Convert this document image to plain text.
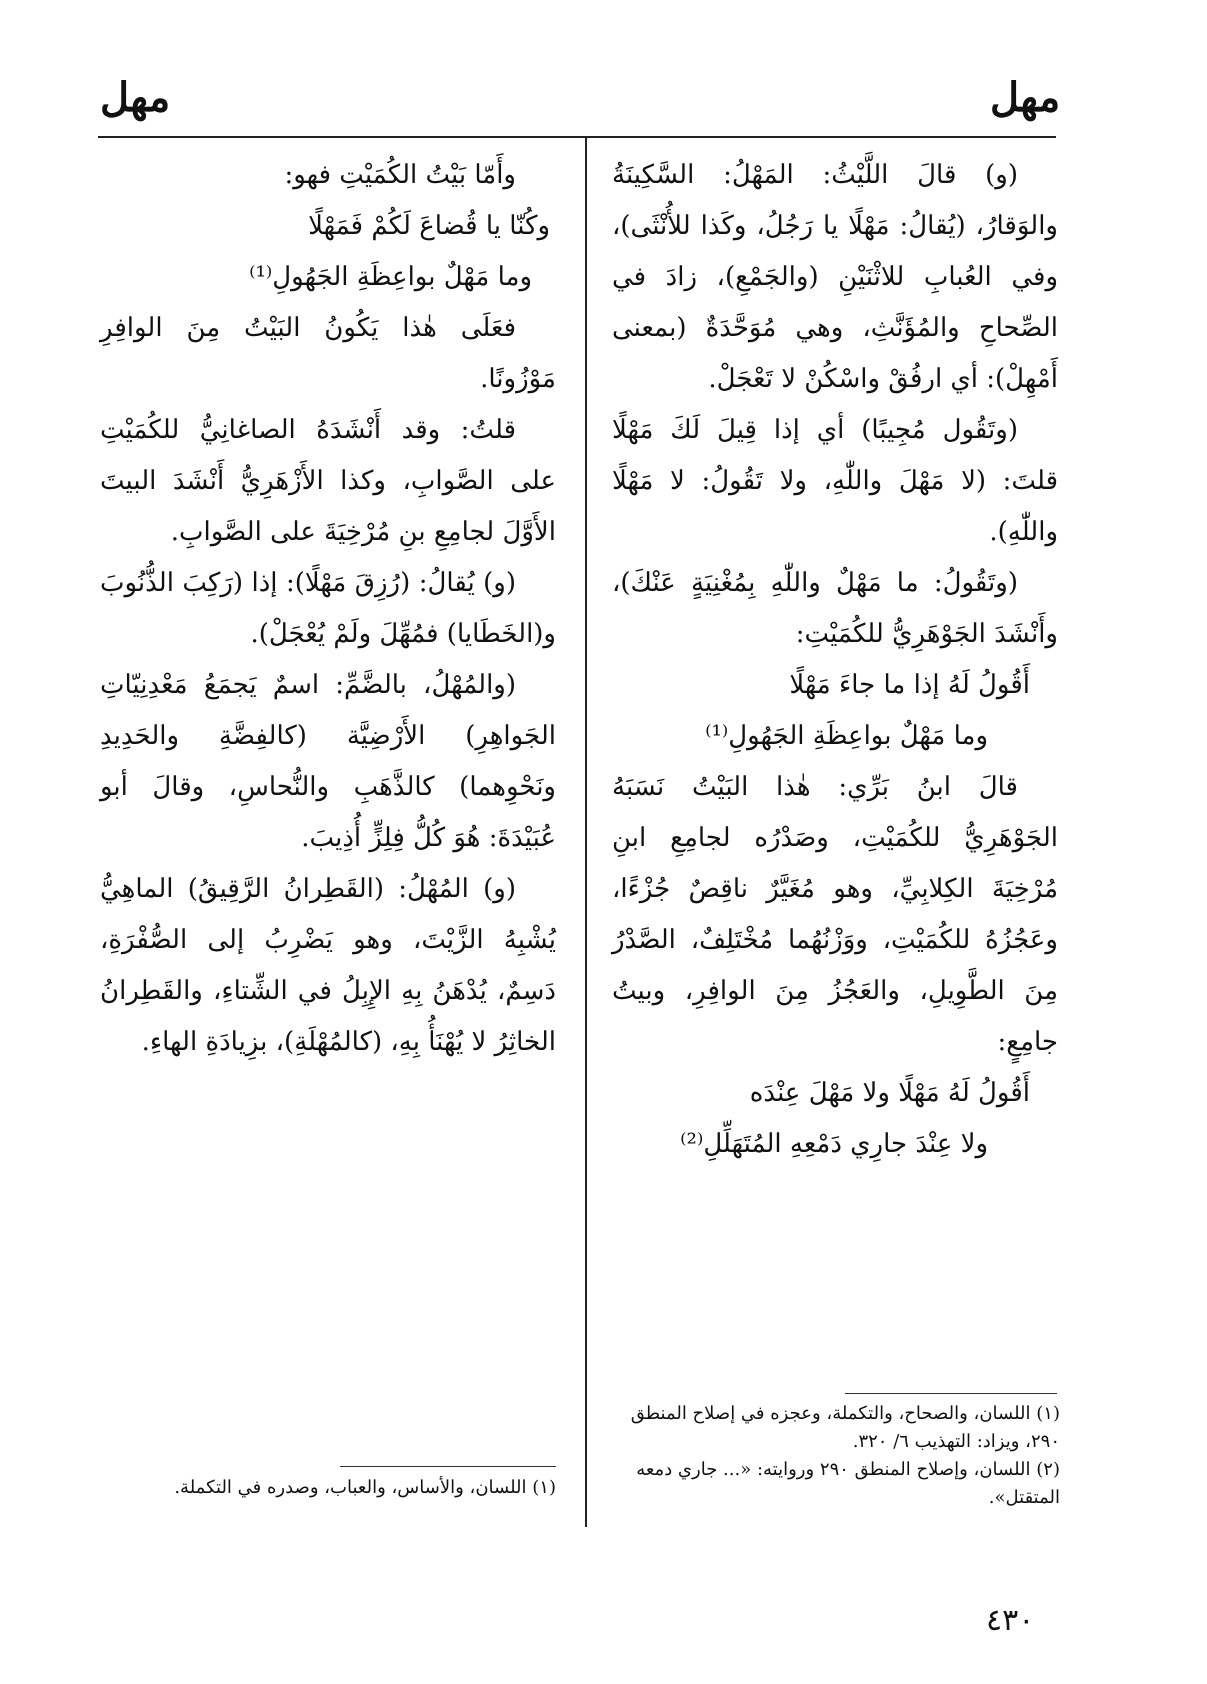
مهل
مهل

(و) قالَ اللَّيْثُ: المَهْلُ: السَّكِينَةُ والوَقارُ، (يُقالُ: مَهْلًا يا رَجُلُ، وكَذا للأُنْثَى)، وفي العُبابِ للاثْنَيْنِ (والجَمْعِ)، زادَ في الصِّحاحِ والمُؤَنَّثِ، وهي مُوَحَّدَةٌ (بمعنى أَمْهِلْ): أي ارفُقْ واسْكُنْ لا تَعْجَلْ.

(وتَقُول مُجِيبًا) أي إذا قِيلَ لَكَ مَهْلًا قلتَ: (لا مَهْلَ واللّٰهِ، ولا تَقُولُ: لا مَهْلًا واللّٰهِ).

(وتَقُولُ: ما مَهْلٌ واللّٰهِ بِمُغْنِيَةٍ عَنْكَ)، وأَنْشَدَ الجَوْهَرِيُّ للكُمَيْتِ:

أَقُولُ لَهُ إذا ما جاءَ مَهْلًا

وما مَهْلٌ بواعِظَةِ الجَهُولِ⁽¹⁾

قالَ ابنُ بَرِّي: هٰذا البَيْتُ نَسَبَهُ الجَوْهَرِيُّ للكُمَيْتِ، وصَدْرُه لجامِعِ ابنِ مُرْخِيَةَ الكِلابِيِّ، وهو مُغَيَّرٌ ناقِصٌ جُزْءًا، وعَجُزُهُ للكُمَيْتِ، ووَزْنُهُما مُخْتَلِفٌ، الصَّدْرُ مِنَ الطَّوِيلِ، والعَجُزُ مِنَ الوافِرِ، وبيتُ جامِعٍ:

أَقُولُ لَهُ مَهْلًا ولا مَهْلَ عِنْدَه

ولا عِنْدَ جارِي دَمْعِهِ المُتَهَلِّلِ⁽²⁾

وأَمّا بَيْتُ الكُمَيْتِ فهو:

وكُنّا يا قُضاعَ لَكُمْ فَمَهْلًا

وما مَهْلٌ بواعِظَةِ الجَهُولِ⁽¹⁾

فعَلَى هٰذا يَكُونُ البَيْتُ مِنَ الوافِرِ مَوْزُونًا.

قلتُ: وقد أَنْشَدَهُ الصاغانِيُّ للكُمَيْتِ على الصَّوابِ، وكذا الأَزْهَرِيُّ أَنْشَدَ البيتَ الأَوَّلَ لجامِعِ بنِ مُرْخِيَةَ على الصَّوابِ.

(و) يُقالُ: (رُزِقَ مَهْلًا): إذا (رَكِبَ الذُّنُوبَ و(الخَطَايا) فمُهِّلَ ولَمْ يُعْجَلْ).

(والمُهْلُ، بالضَّمِّ: اسمٌ يَجمَعُ مَعْدِنِيّاتِ الجَواهِرِ) الأَرْضِيَّة (كالفِضَّةِ والحَدِيدِ ونَحْوِهما) كالذَّهَبِ والنُّحاسِ، وقالَ أبو عُبَيْدَةَ: هُوَ كُلُّ فِلِزٍّ أُذِيبَ.

(و) المُهْلُ: (القَطِرانُ الرَّقِيقُ) الماهِيُّ يُشْبِهُ الزَّيْتَ، وهو يَضْرِبُ إلى الصُّفْرَةِ، دَسِمٌ، يُدْهَنُ بِهِ الإِبِلُ في الشِّتاءِ، والقَطِرانُ الخاثِرُ لا يُهْنَأُ بِهِ، (كالمُهْلَةِ)، بزِيادَةِ الهاءِ.

(١) اللسان، والصحاح، والتكملة، وعجزه في إصلاح المنطق ٢٩٠، ويزاد: التهذيب ٦/ ٣٢٠.

(٢) اللسان، وإصلاح المنطق ٢٩٠ وروايته: «... جاري دمعه المتقتل».

(١) اللسان، والأساس، والعباب، وصدره في التكملة.

٤٣٠
